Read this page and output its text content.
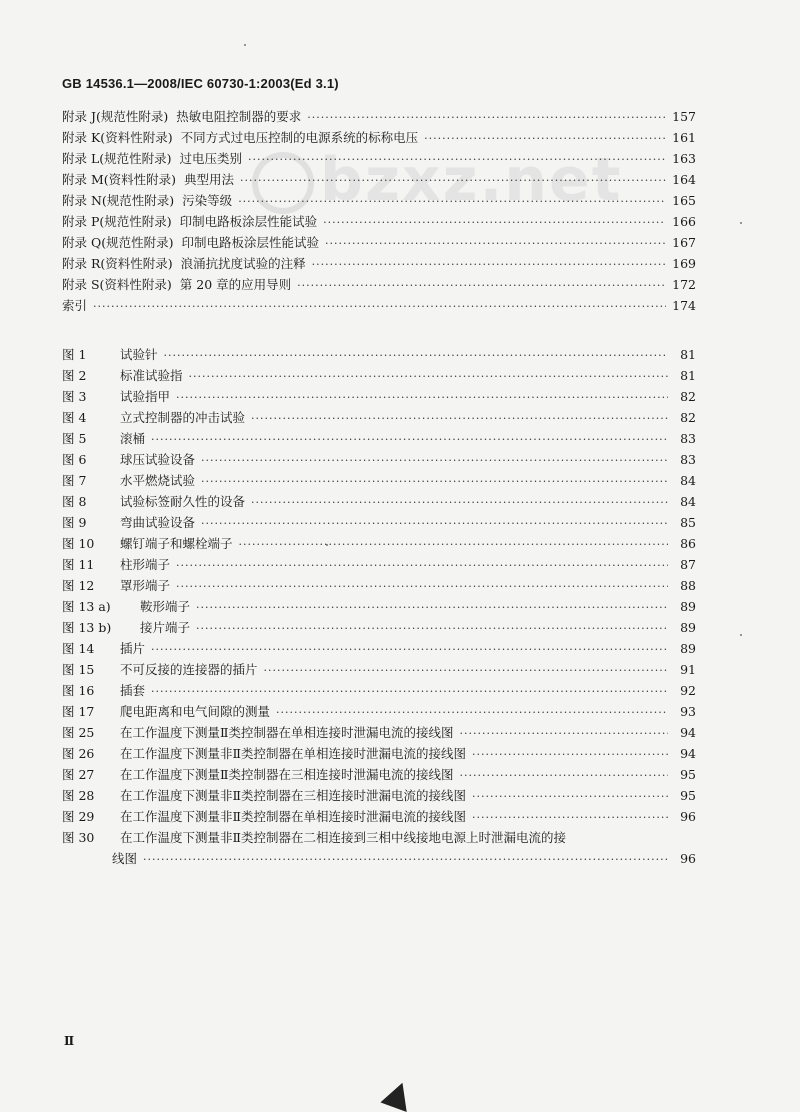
GB 14536.1—2008/IEC 60730-1:2003(Ed 3.1)
bzxz.net
附录 J(规范性附录) 热敏电阻控制器的要求 ·····	157
附录 K(资料性附录) 不同方式过电压控制的电源系统的标称电压 ·····	161
附录 L(规范性附录) 过电压类别 ·····	163
附录 M(资料性附录) 典型用法 ·····	164
附录 N(规范性附录) 污染等级 ·····	165
附录 P(规范性附录) 印制电路板涂层性能试验 ·····	166
附录 Q(规范性附录) 印制电路板涂层性能试验 ·····	167
附录 R(资料性附录) 浪涌抗扰度试验的注释 ·····	169
附录 S(资料性附录) 第 20 章的应用导则 ·····	172
索引 ·····	174
图 1	试验针 ·····	81
图 2	标准试验指 ·····	81
图 3	试验指甲 ·····	82
图 4	立式控制器的冲击试验 ·····	82
图 5	滚桶 ·····	83
图 6	球压试验设备 ·····	83
图 7	水平燃烧试验 ·····	84
图 8	试验标签耐久性的设备 ·····	84
图 9	弯曲试验设备 ·····	85
图 10	螺钉端子和螺栓端子 ·····	86
图 11	柱形端子 ·····	87
图 12	罩形端子 ·····	88
图 13 a)	鞍形端子 ·····	89
图 13 b)	接片端子 ·····	89
图 14	插片 ·····	89
图 15	不可反接的连接器的插片 ·····	91
图 16	插套 ·····	92
图 17	爬电距离和电气间隙的测量 ·····	93
图 25	在工作温度下测量Ⅱ类控制器在单相连接时泄漏电流的接线图 ·····	94
图 26	在工作温度下测量非Ⅱ类控制器在单相连接时泄漏电流的接线图 ·····	94
图 27	在工作温度下测量Ⅱ类控制器在三相连接时泄漏电流的接线图 ·····	95
图 28	在工作温度下测量非Ⅱ类控制器在三相连接时泄漏电流的接线图 ·····	95
图 29	在工作温度下测量非Ⅱ类控制器在单相连接时泄漏电流的接线图 ·····	96
图 30	在工作温度下测量非Ⅱ类控制器在二相连接到三相中线接地电源上时泄漏电流的接
线图 ·····	96
Ⅱ
